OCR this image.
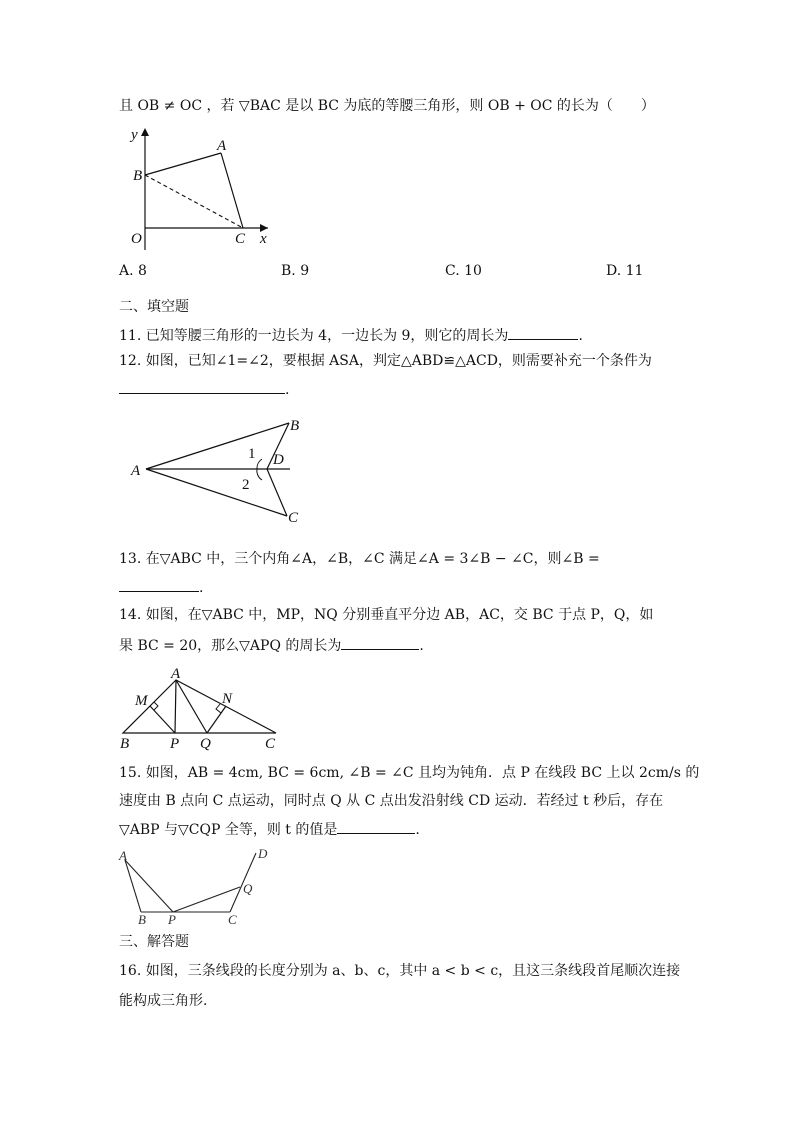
且 OB ≠ OC ，若 ▽BAC 是以 BC 为底的等腰三角形，则 OB + OC 的长为（　　）
y
x
O
B
A
C
A. 8	B. 9	C. 10	D. 11
二、填空题
11. 已知等腰三角形的一边长为 4，一边长为 9，则它的周长为	.
12. 如图，已知∠1=∠2，要根据 ASA，判定△ABD≌△ACD，则需要补充一个条件为
.
A
B
C
D
1
2
13. 在▽ABC 中，三个内角∠A，∠B，∠C 满足∠A = 3∠B − ∠C，则∠B =
.
14. 如图，在▽ABC 中，MP，NQ 分别垂直平分边 AB，AC，交 BC 于点 P，Q，如
果 BC = 20，那么▽APQ 的周长为	.
A
M	N
B	P Q	C
15. 如图，AB = 4cm, BC = 6cm, ∠B = ∠C 且均为钝角．点 P 在线段 BC 上以 2cm/s 的
速度由 B 点向 C 点运动，同时点 Q 从 C 点出发沿射线 CD 运动．若经过 t 秒后，存在
▽ABP 与▽CQP 全等，则 t 的值是	.
A	D
Q
B P	C
三、解答题
16. 如图，三条线段的长度分别为 a、b、c，其中 a < b < c，且这三条线段首尾顺次连接
能构成三角形.
